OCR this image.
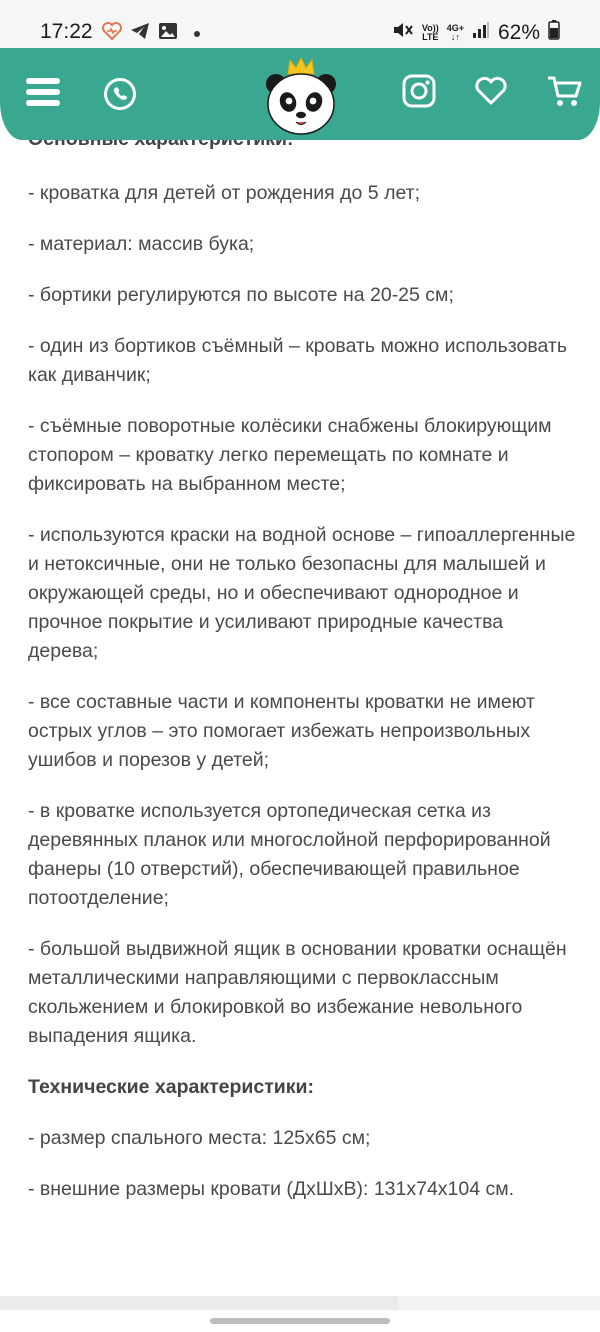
17:22	Vo))
LTE
4G+
↓↑ 62%

- кроватка для детей от рождения до 5 лет;

- материал: массив бука;

- бортики регулируются по высоте на 20-25 см;

- один из бортиков съёмный – кровать можно использовать как диванчик;

- съёмные поворотные колёсики снабжены блокирующим стопором – кроватку легко перемещать по комнате и фиксировать на выбранном месте;

- используются краски на водной основе – гипоаллергенные и нетоксичные, они не только безопасны для малышей и окружающей среды, но и обеспечивают однородное и прочное покрытие и усиливают природные качества дерева;

- все составные части и компоненты кроватки не имеют острых углов – это помогает избежать непроизвольных ушибов и порезов у детей;

- в кроватке используется ортопедическая сетка из деревянных планок или многослойной перфорированной фанеры (10 отверстий), обеспечивающей правильное потоотделение;

- большой выдвижной ящик в основании кроватки оснащён металлическими направляющими с первоклассным скольжением и блокировкой во избежание невольного выпадения ящика.

Технические характеристики:

- размер спального места: 125х65 см;

- внешние размеры кровати (ДхШхВ): 131х74х104 см.
